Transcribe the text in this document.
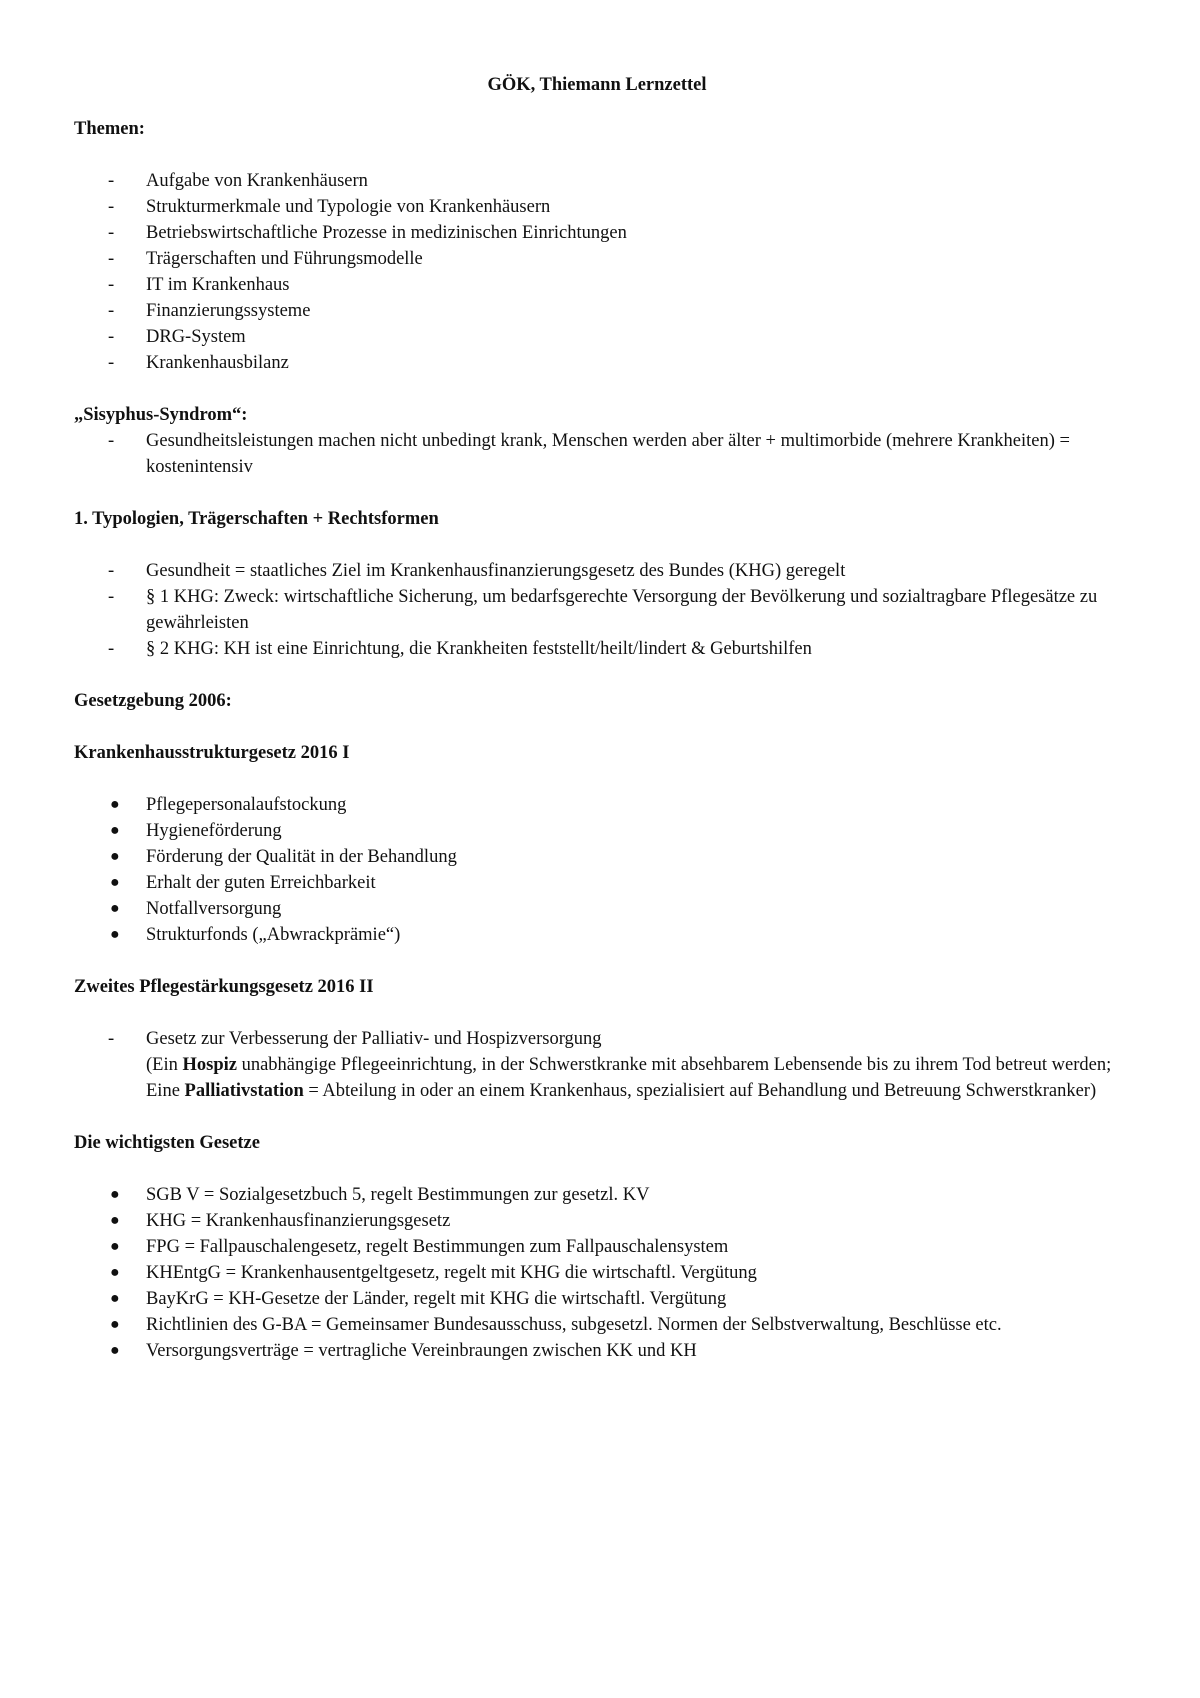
GÖK, Thiemann Lernzettel

Themen:

-	Aufgabe von Krankenhäusern
-	Strukturmerkmale und Typologie von Krankenhäusern
-	Betriebswirtschaftliche Prozesse in medizinischen Einrichtungen
-	Trägerschaften und Führungsmodelle
-	IT im Krankenhaus
-	Finanzierungssysteme
-	DRG-System
-	Krankenhausbilanz

„Sisyphus-Syndrom“:

-	Gesundheitsleistungen machen nicht unbedingt krank, Menschen werden aber älter + multimorbide (mehrere Krankheiten) = kostenintensiv

1. Typologien, Trägerschaften + Rechtsformen

-	Gesundheit = staatliches Ziel im Krankenhausfinanzierungsgesetz des Bundes (KHG) geregelt
-	§ 1 KHG: Zweck: wirtschaftliche Sicherung, um bedarfsgerechte Versorgung der Bevölkerung und sozialtragbare Pflegesätze zu gewährleisten
-	§ 2 KHG: KH ist eine Einrichtung, die Krankheiten feststellt/heilt/lindert & Geburtshilfen

Gesetzgebung 2006:

Krankenhausstrukturgesetz 2016 I

●	Pflegepersonalaufstockung
●	Hygieneförderung
●	Förderung der Qualität in der Behandlung
●	Erhalt der guten Erreichbarkeit
●	Notfallversorgung
●	Strukturfonds („Abwrackprämie“)

Zweites Pflegestärkungsgesetz 2016 II

-	Gesetz zur Verbesserung der Palliativ- und Hospizversorgung
(Ein Hospiz unabhängige Pflegeeinrichtung, in der Schwerstkranke mit absehbarem Lebensende bis zu ihrem Tod betreut werden; Eine Palliativstation = Abteilung in oder an einem Krankenhaus, spezialisiert auf Behandlung und Betreuung Schwerstkranker)

Die wichtigsten Gesetze

●	SGB V = Sozialgesetzbuch 5, regelt Bestimmungen zur gesetzl. KV
●	KHG = Krankenhausfinanzierungsgesetz
●	FPG = Fallpauschalengesetz, regelt Bestimmungen zum Fallpauschalensystem
●	KHEntgG = Krankenhausentgeltgesetz, regelt mit KHG die wirtschaftl. Vergütung
●	BayKrG = KH-Gesetze der Länder, regelt mit KHG die wirtschaftl. Vergütung
●	Richtlinien des G-BA = Gemeinsamer Bundesausschuss, subgesetzl. Normen der Selbstverwaltung, Beschlüsse etc.
●	Versorgungsverträge = vertragliche Vereinbraungen zwischen KK und KH
